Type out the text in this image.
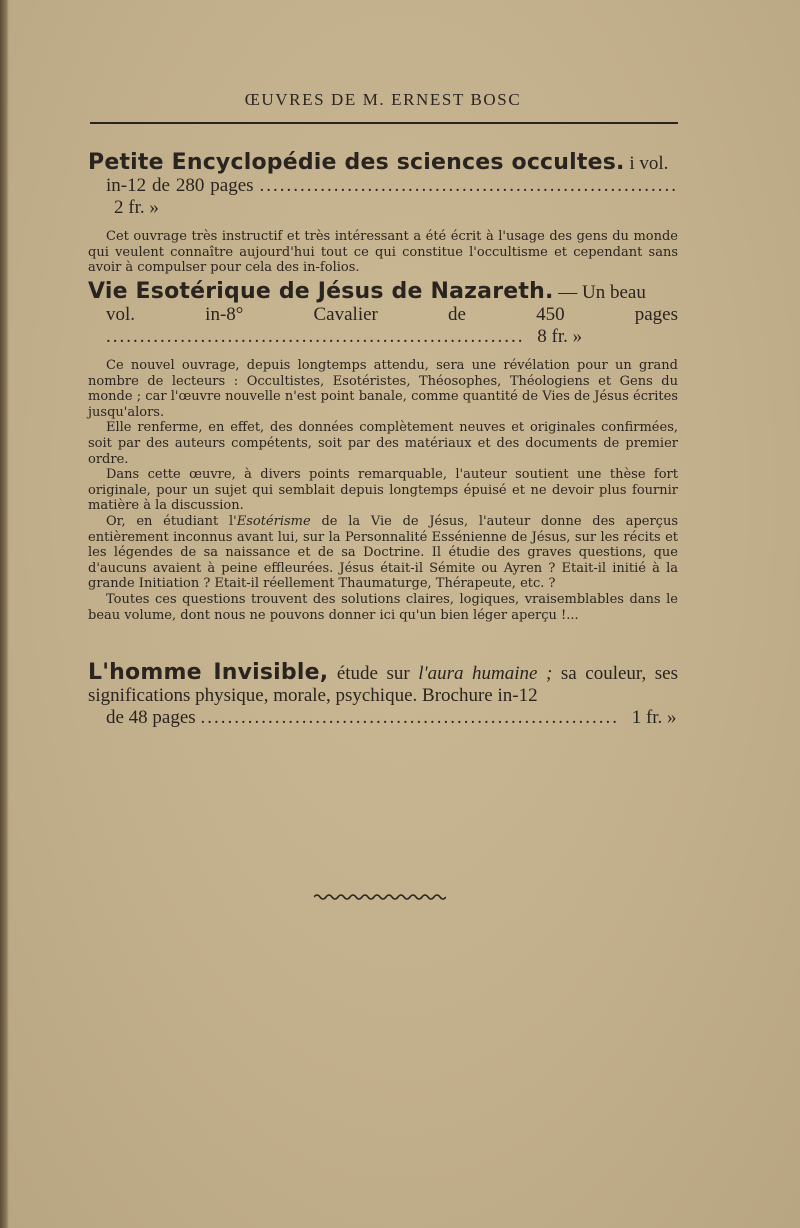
ŒUVRES DE M. ERNEST BOSC
Petite Encyclopédie des sciences occultes. i vol.
in-12 de 280 pages .............................................................. 2 fr. »

Cet ouvrage très instructif et très intéressant a été écrit à l'usage des gens du monde qui veulent connaître aujourd'hui tout ce qui constitue l'occultisme et cependant sans avoir à compulser pour cela des in-folios.

Vie Esotérique de Jésus de Nazareth. — Un beau
vol. in-8° Cavalier de 450 pages .............................................................. 8 fr. »

Ce nouvel ouvrage, depuis longtemps attendu, sera une révélation pour un grand nombre de lecteurs : Occultistes, Esotéristes, Théosophes, Théologiens et Gens du monde ; car l'œuvre nouvelle n'est point banale, comme quantité de Vies de Jésus écrites jusqu'alors.

Elle renferme, en effet, des données complètement neuves et originales confirmées, soit par des auteurs compétents, soit par des matériaux et des documents de premier ordre.

Dans cette œuvre, à divers points remarquable, l'auteur soutient une thèse fort originale, pour un sujet qui semblait depuis longtemps épuisé et ne devoir plus fournir matière à la discussion.

Or, en étudiant l'Esotérisme de la Vie de Jésus, l'auteur donne des aperçus entièrement inconnus avant lui, sur la Personnalité Essénienne de Jésus, sur les récits et les légendes de sa naissance et de sa Doctrine. Il étudie des graves questions, que d'aucuns avaient à peine effleurées. Jésus était-il Sémite ou Ayren ? Etait-il initié à la grande Initiation ? Etait-il réellement Thaumaturge, Thérapeute, etc. ?

Toutes ces questions trouvent des solutions claires, logiques, vraisemblables dans le beau volume, dont nous ne pouvons donner ici qu'un bien léger aperçu !...

L'homme Invisible, étude sur l'aura humaine ; sa couleur, ses significations physique, morale, psychique. Brochure in-12
de 48 pages .............................................................. 1 fr. »
